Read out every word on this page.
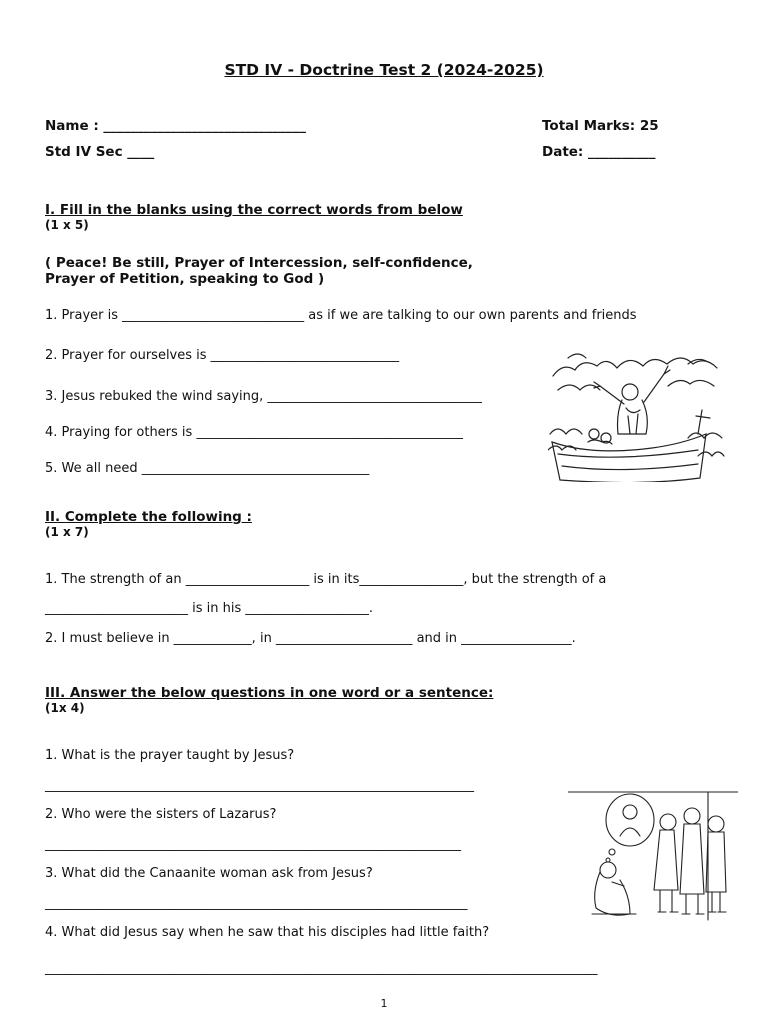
STD IV - Doctrine Test 2 (2024-2025)
Name : ______________________________	Total Marks: 25
Std IV Sec ____	Date: __________
I. Fill in the blanks using the correct words from below
(1 x 5)
( Peace! Be still, Prayer of Intercession, self-confidence,
Prayer of Petition, speaking to God )
1. Prayer is ____________________________ as if we are talking to our own parents and friends
2. Prayer for ourselves is _____________________________
3. Jesus rebuked the wind saying, _________________________________
4. Praying for others is _________________________________________
5. We all need ___________________________________
II. Complete the following :
(1 x 7)
1. The strength of an ___________________ is in its________________, but the strength of a
______________________ is in his ___________________.
2. I must believe in ____________, in _____________________ and in _________________.
III. Answer the below questions in one word or a sentence:
(1x 4)
1. What is the prayer taught by Jesus?
__________________________________________________________________
2. Who were the sisters of Lazarus?
________________________________________________________________
3. What did the Canaanite woman ask from Jesus?
_________________________________________________________________
4. What did Jesus say when he saw that his disciples had little faith?
_____________________________________________________________________________________
1
